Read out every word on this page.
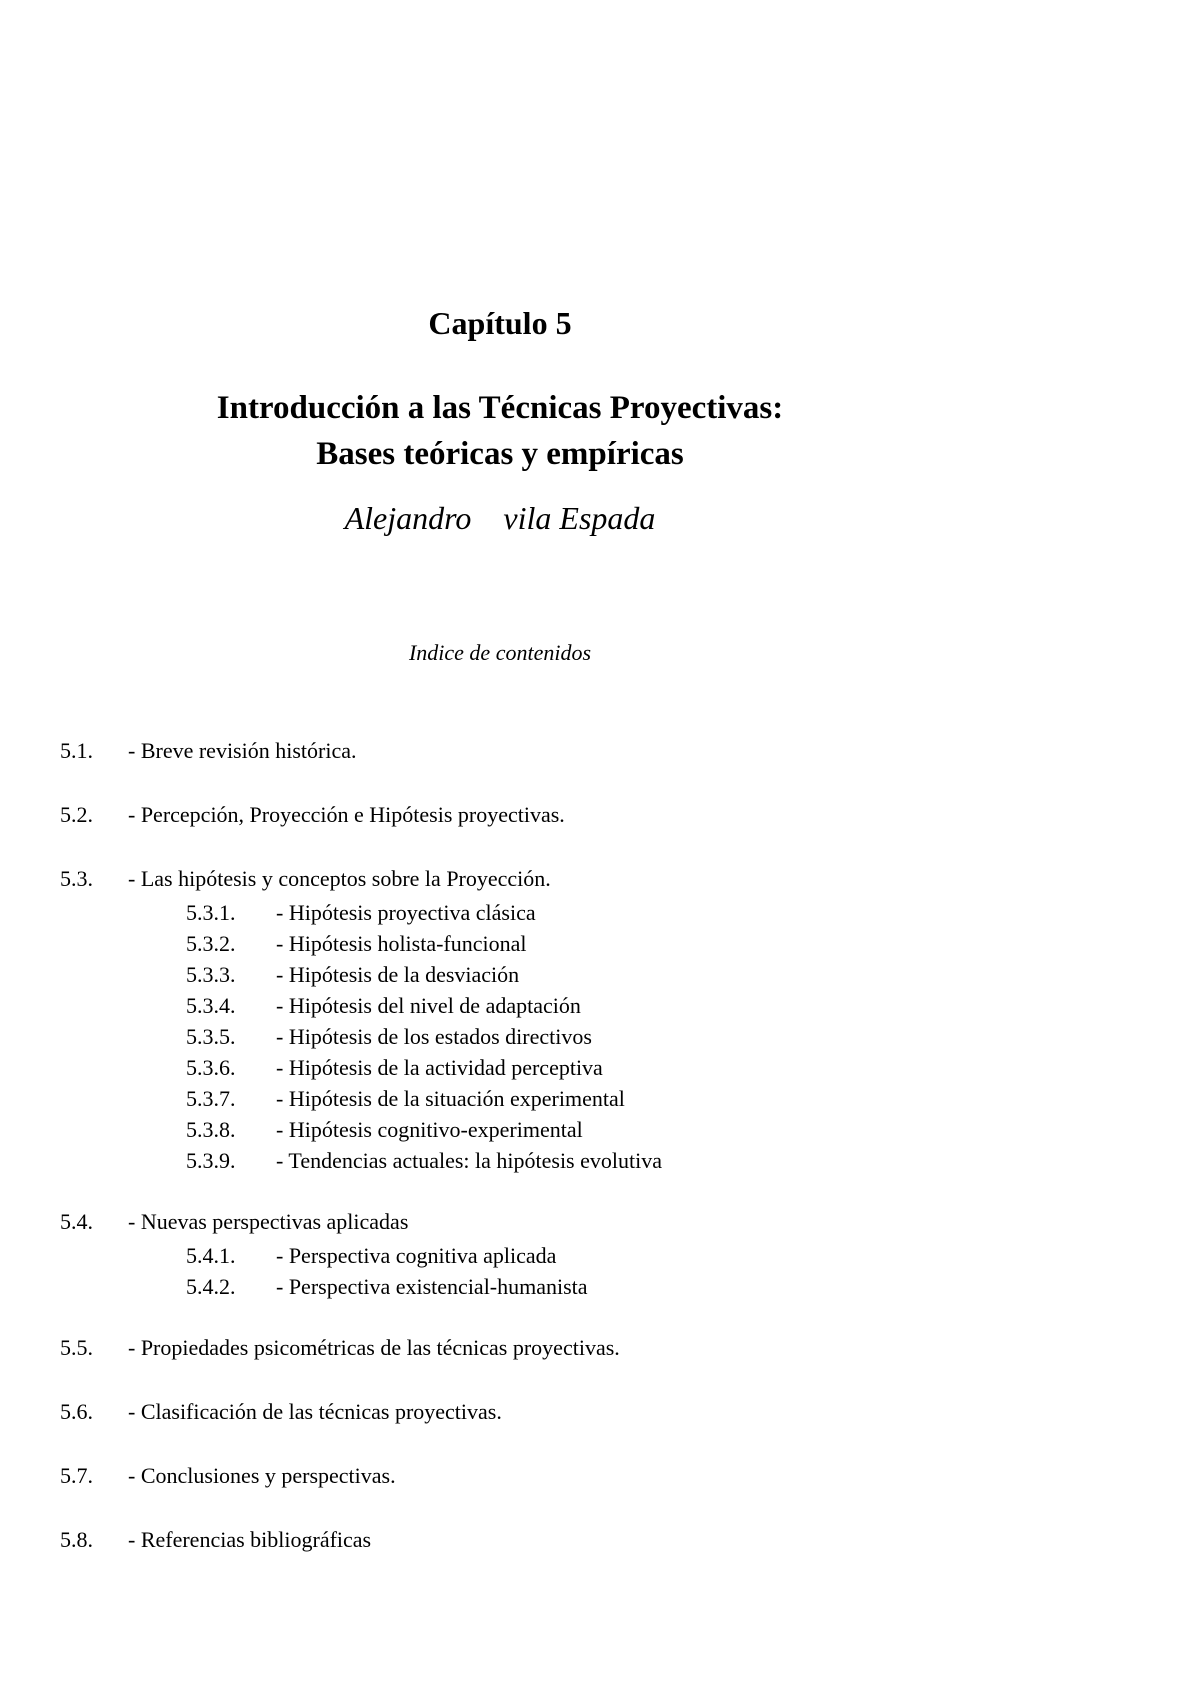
Capítulo 5
Introducción a las Técnicas Proyectivas:
Bases teóricas y empíricas
Alejandro    vila Espada
Indice de contenidos
5.1.	- Breve revisión histórica.
5.2.	- Percepción, Proyección e Hipótesis proyectivas.
5.3.	- Las hipótesis y conceptos sobre la Proyección.
5.3.1.	- Hipótesis proyectiva clásica
5.3.2.	- Hipótesis holista-funcional
5.3.3.	- Hipótesis de la desviación
5.3.4.	- Hipótesis del nivel de adaptación
5.3.5.	- Hipótesis de los estados directivos
5.3.6.	- Hipótesis de la actividad perceptiva
5.3.7.	- Hipótesis de la situación experimental
5.3.8.	- Hipótesis cognitivo-experimental
5.3.9.	- Tendencias actuales: la hipótesis evolutiva
5.4.	- Nuevas perspectivas aplicadas
5.4.1.	- Perspectiva cognitiva aplicada
5.4.2.	- Perspectiva existencial-humanista
5.5.	- Propiedades psicométricas de las técnicas proyectivas.
5.6.	- Clasificación de las técnicas proyectivas.
5.7.	- Conclusiones y perspectivas.
5.8.	- Referencias bibliográficas
